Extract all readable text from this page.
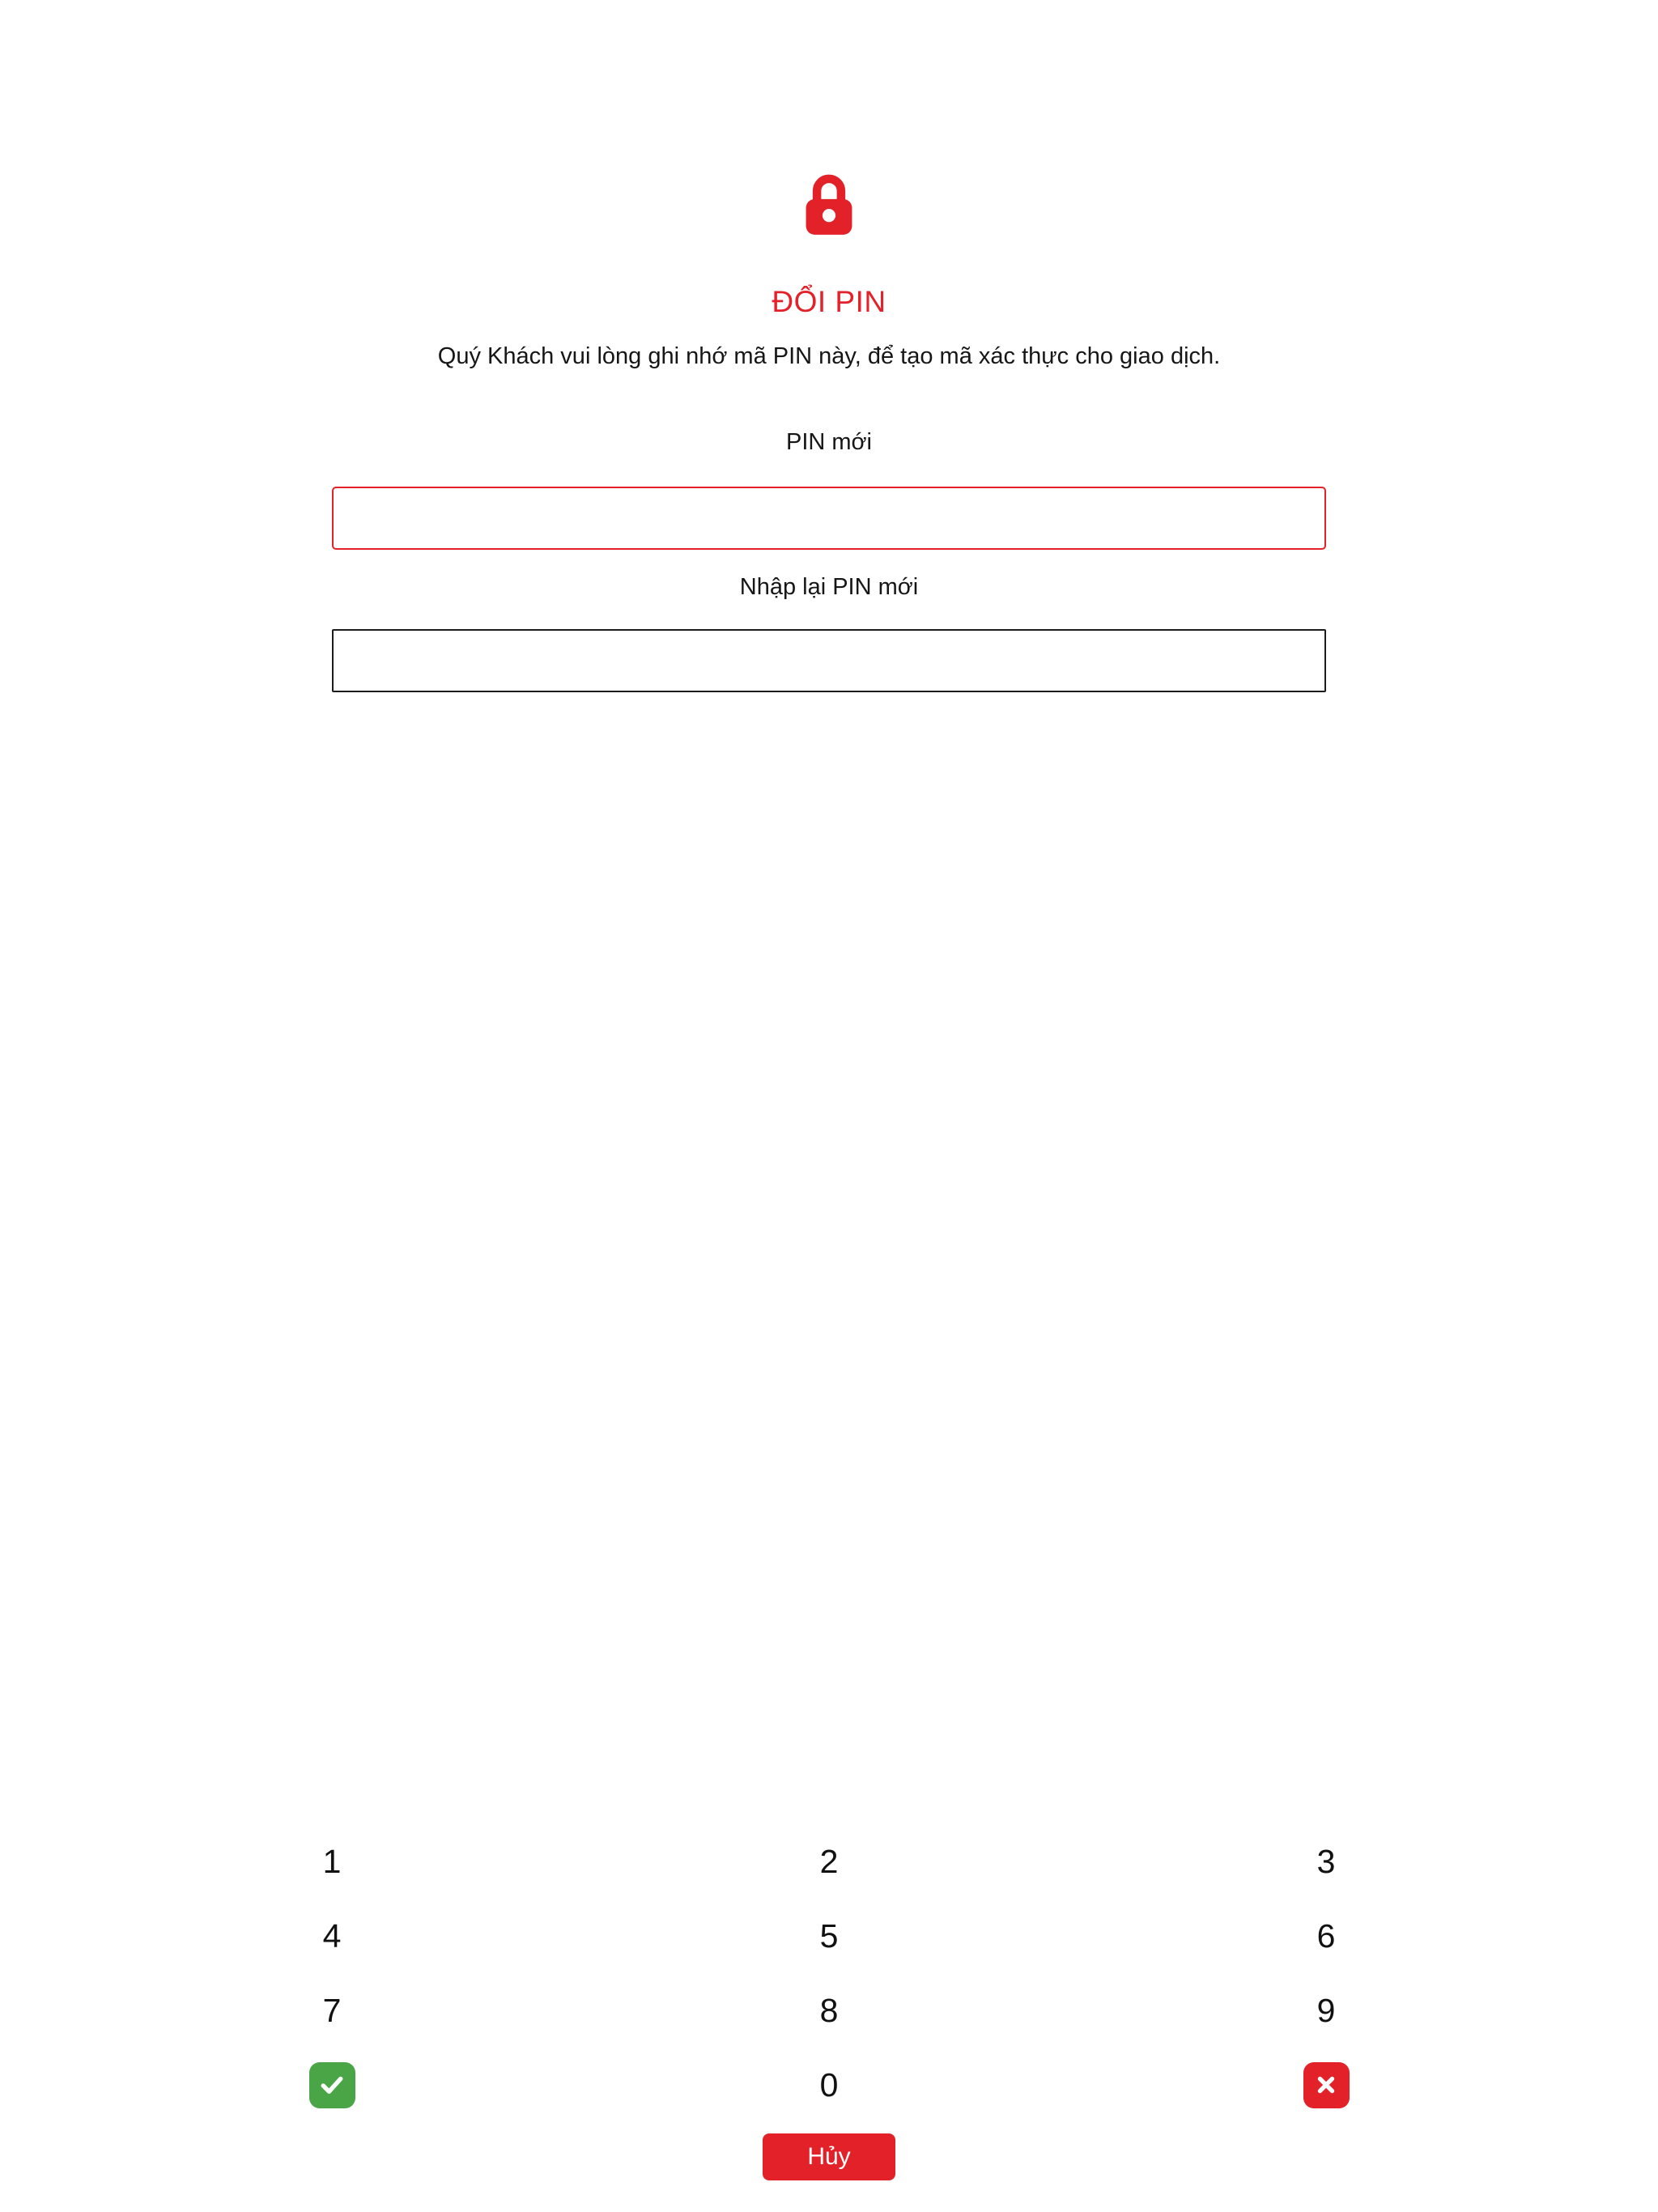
ĐỔI PIN
Quý Khách vui lòng ghi nhớ mã PIN này, để tạo mã xác thực cho giao dịch.
PIN mới
Nhập lại PIN mới
1	2	3
4	5	6
7	8	9
0
Hủy
